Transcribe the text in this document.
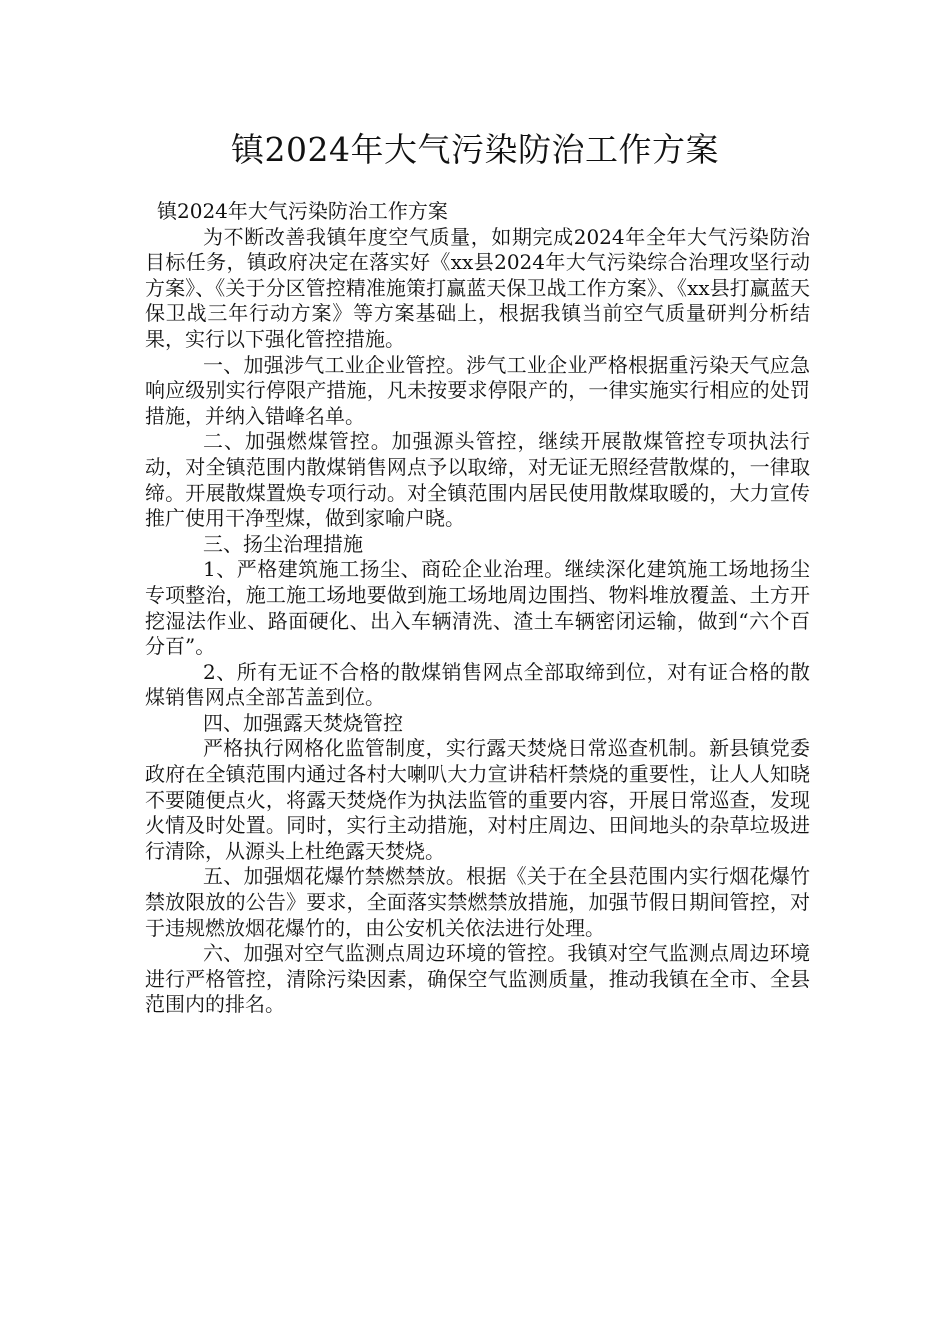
镇2024年大气污染防治工作方案

镇2024年大气污染防治工作方案

为不断改善我镇年度空气质量，如期完成2024年全年大气污染防治目标任务，镇政府决定在落实好《xx县2024年大气污染综合治理攻坚行动方案》、《关于分区管控精准施策打赢蓝天保卫战工作方案》、《xx县打赢蓝天保卫战三年行动方案》等方案基础上，根据我镇当前空气质量研判分析结果，实行以下强化管控措施。

一、加强涉气工业企业管控。涉气工业企业严格根据重污染天气应急响应级别实行停限产措施，凡未按要求停限产的，一律实施实行相应的处罚措施，并纳入错峰名单。

二、加强燃煤管控。加强源头管控，继续开展散煤管控专项执法行动，对全镇范围内散煤销售网点予以取缔，对无证无照经营散煤的，一律取缔。开展散煤置焕专项行动。对全镇范围内居民使用散煤取暖的，大力宣传推广使用干净型煤，做到家喻户晓。

三、扬尘治理措施

1、严格建筑施工扬尘、商砼企业治理。继续深化建筑施工场地扬尘专项整治，施工施工场地要做到施工场地周边围挡、物料堆放覆盖、土方开挖湿法作业、路面硬化、出入车辆清洗、渣土车辆密闭运输，做到“六个百分百”。

2、所有无证不合格的散煤销售网点全部取缔到位，对有证合格的散煤销售网点全部苫盖到位。

四、加强露天焚烧管控

严格执行网格化监管制度，实行露天焚烧日常巡查机制。新县镇党委政府在全镇范围内通过各村大喇叭大力宣讲秸杆禁烧的重要性，让人人知晓不要随便点火，将露天焚烧作为执法监管的重要内容，开展日常巡查，发现火情及时处置。同时，实行主动措施，对村庄周边、田间地头的杂草垃圾进行清除，从源头上杜绝露天焚烧。

五、加强烟花爆竹禁燃禁放。根据《关于在全县范围内实行烟花爆竹禁放限放的公告》要求，全面落实禁燃禁放措施，加强节假日期间管控，对于违规燃放烟花爆竹的，由公安机关依法进行处理。

六、加强对空气监测点周边环境的管控。我镇对空气监测点周边环境进行严格管控，清除污染因素，确保空气监测质量，推动我镇在全市、全县范围内的排名。
